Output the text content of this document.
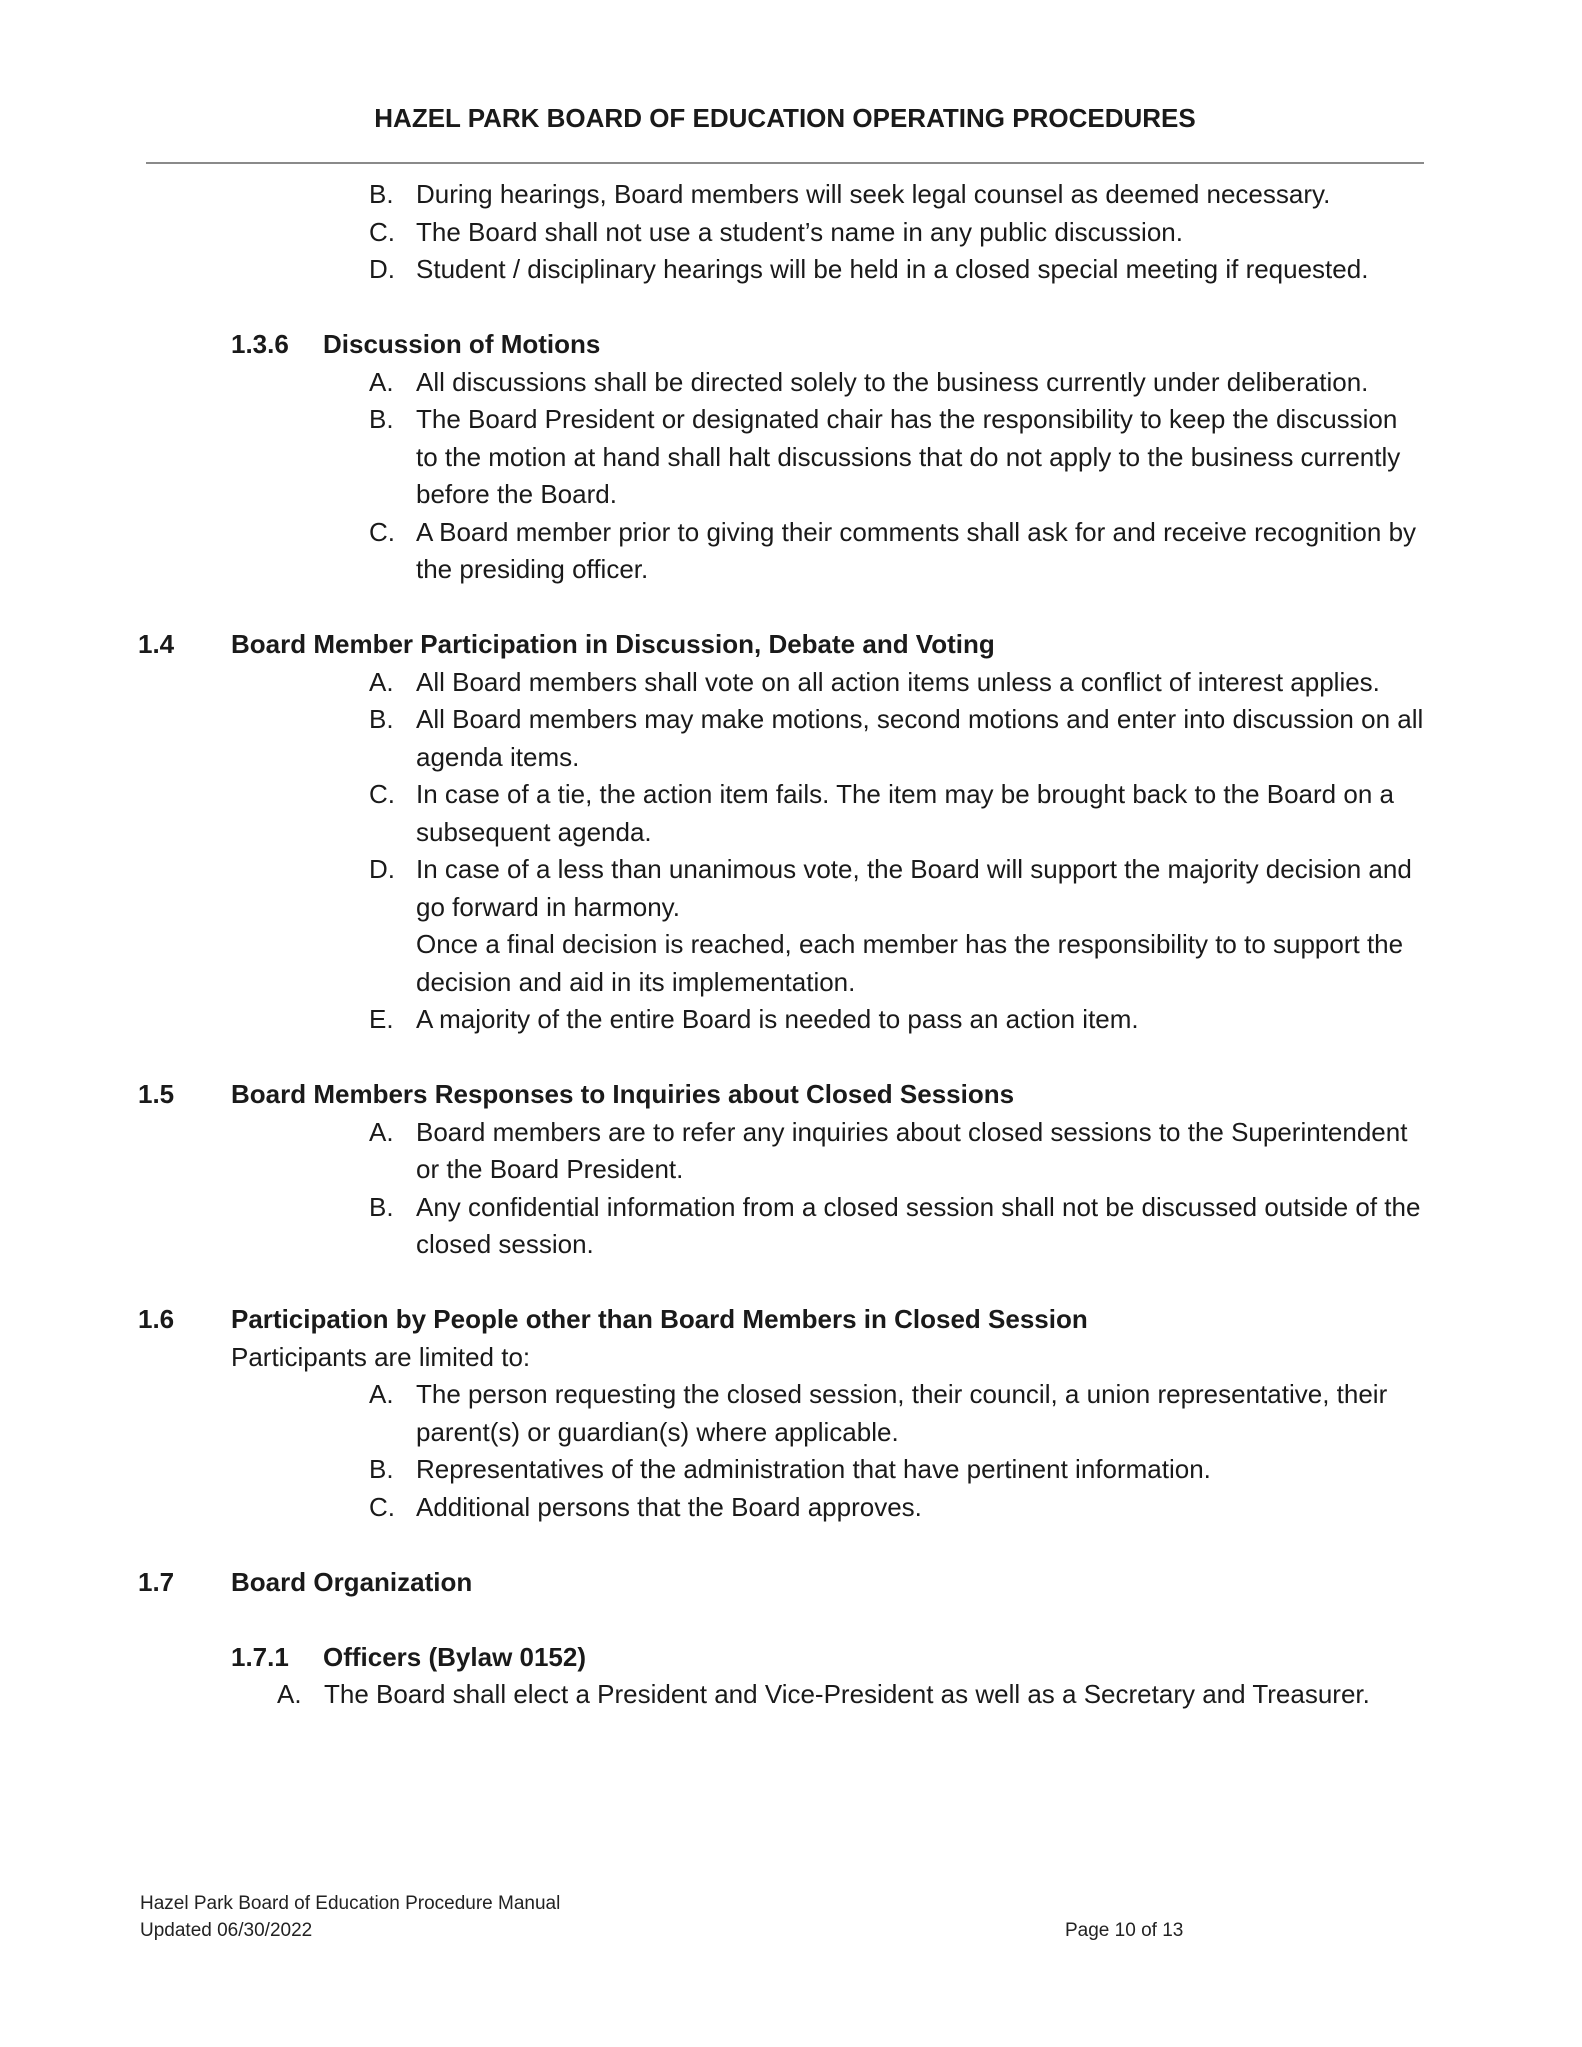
HAZEL PARK BOARD OF EDUCATION OPERATING PROCEDURES
B. During hearings, Board members will seek legal counsel as deemed necessary.
C. The Board shall not use a student’s name in any public discussion.
D. Student / disciplinary hearings will be held in a closed special meeting if requested.
1.3.6 Discussion of Motions
A. All discussions shall be directed solely to the business currently under deliberation.
B. The Board President or designated chair has the responsibility to keep the discussion to the motion at hand shall halt discussions that do not apply to the business currently before the Board.
C. A Board member prior to giving their comments shall ask for and receive recognition by the presiding officer.
1.4 Board Member Participation in Discussion, Debate and Voting
A. All Board members shall vote on all action items unless a conflict of interest applies.
B. All Board members may make motions, second motions and enter into discussion on all agenda items.
C. In case of a tie, the action item fails. The item may be brought back to the Board on a subsequent agenda.
D. In case of a less than unanimous vote, the Board will support the majority decision and go forward in harmony.
Once a final decision is reached, each member has the responsibility to to support the decision and aid in its implementation.
E. A majority of the entire Board is needed to pass an action item.
1.5 Board Members Responses to Inquiries about Closed Sessions
A. Board members are to refer any inquiries about closed sessions to the Superintendent or the Board President.
B. Any confidential information from a closed session shall not be discussed outside of the closed session.
1.6 Participation by People other than Board Members in Closed Session
Participants are limited to:
A. The person requesting the closed session, their council, a union representative, their parent(s) or guardian(s) where applicable.
B. Representatives of the administration that have pertinent information.
C. Additional persons that the Board approves.
1.7 Board Organization
1.7.1 Officers (Bylaw 0152)
A. The Board shall elect a President and Vice-President as well as a Secretary and Treasurer.
Hazel Park Board of Education Procedure Manual
Updated 06/30/2022	Page 10 of 13
